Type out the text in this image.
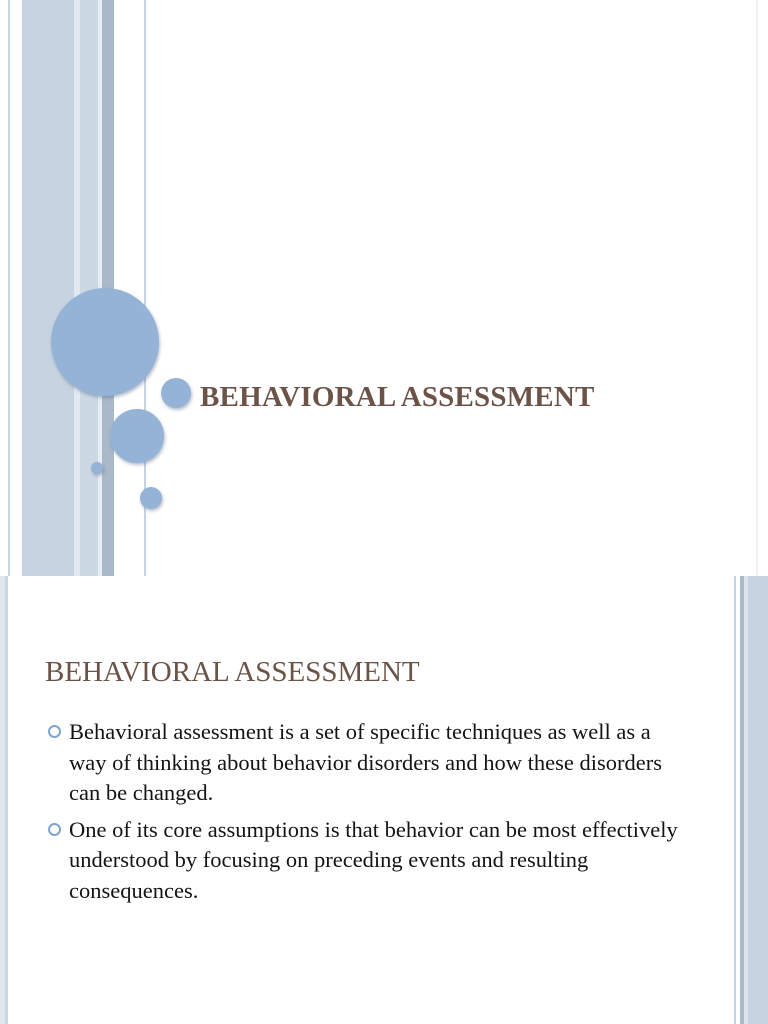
BEHAVIORAL ASSESSMENT
BEHAVIORAL ASSESSMENT
Behavioral assessment is a set of specific techniques as well as a way of thinking about behavior disorders and how these disorders can be changed.
One of its core assumptions is that behavior can be most effectively understood by focusing on preceding events and resulting consequences.
